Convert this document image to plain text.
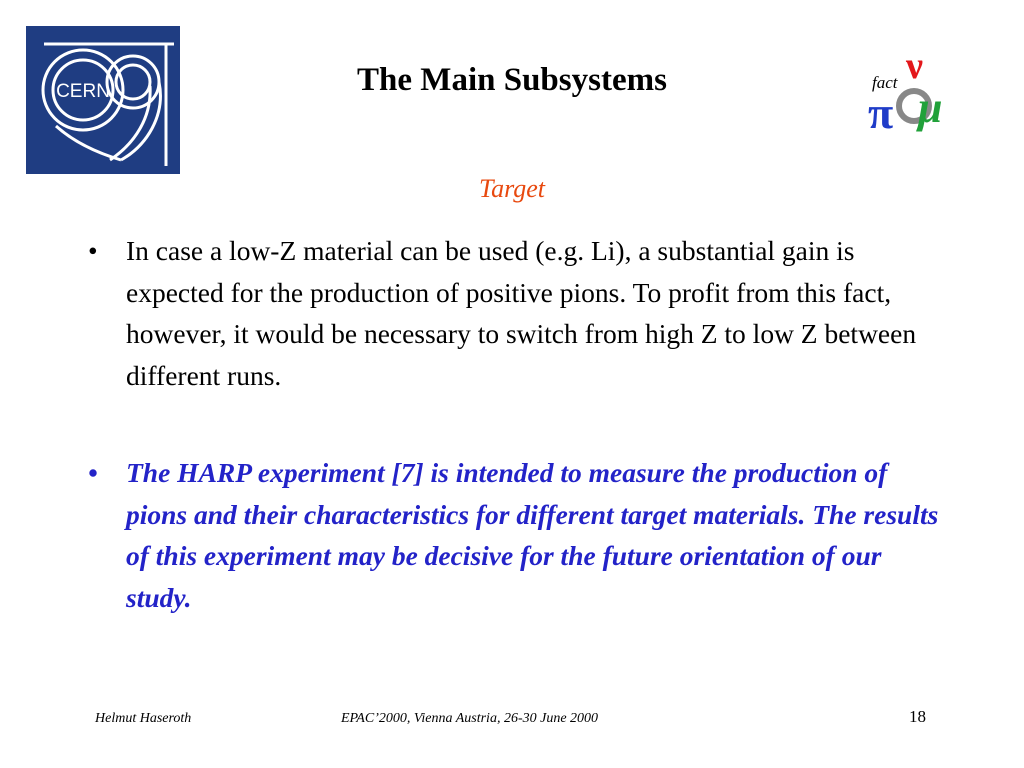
CERN
ν
fact
π μ
The Main Subsystems
Target
• In case a low-Z material can be used (e.g. Li), a substantial gain is expected for the production of positive pions. To profit from this fact, however, it would be necessary to switch from high Z to low Z between different runs.
• The HARP experiment [7] is intended to measure the production of pions and their characteristics for different target materials. The results of this experiment may be decisive for the future orientation of our study.
Helmut Haseroth	EPAC’2000, Vienna Austria, 26-30 June 2000	18
